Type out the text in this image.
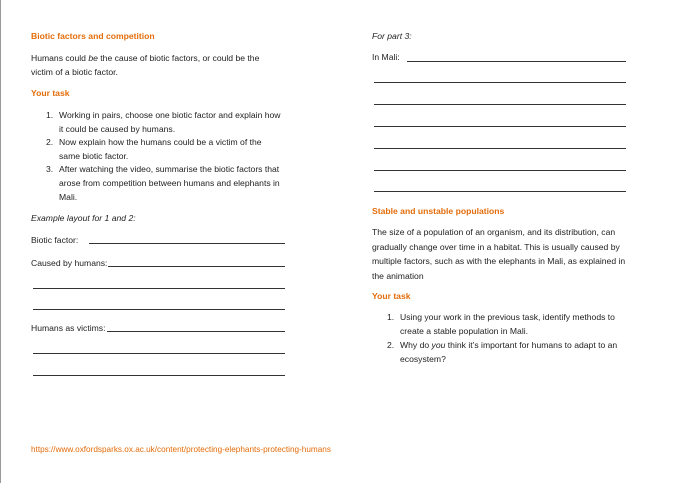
Biotic factors and competition
Humans could be the cause of biotic factors, or could be the victim of a biotic factor.
Your task
1. Working in pairs, choose one biotic factor and explain how it could be caused by humans.
2. Now explain how the humans could be a victim of the same biotic factor.
3. After watching the video, summarise the biotic factors that arose from competition between humans and elephants in Mali.
Example layout for 1 and 2:
Biotic factor:
Caused by humans:
Humans as victims:
https://www.oxfordsparks.ox.ac.uk/content/protecting-elephants-protecting-humans
For part 3:
In Mali:
Stable and unstable populations
The size of a population of an organism, and its distribution, can gradually change over time in a habitat. This is usually caused by multiple factors, such as with the elephants in Mali, as explained in the animation
Your task
1. Using your work in the previous task, identify methods to create a stable population in Mali.
2. Why do you think it’s important for humans to adapt to an ecosystem?
